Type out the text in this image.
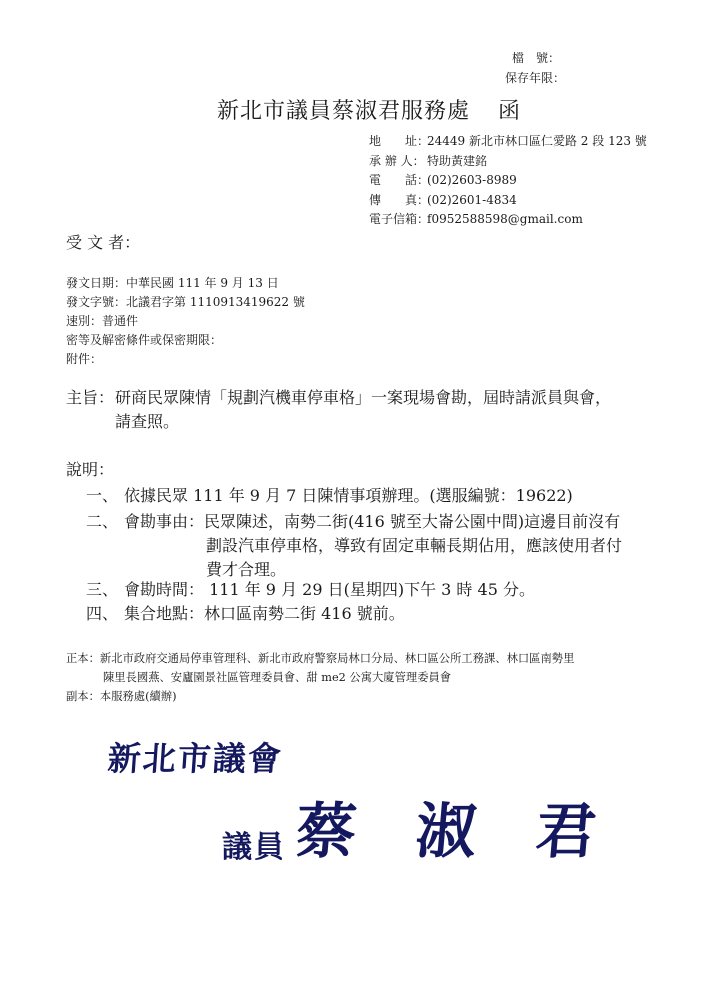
檔　號：
保存年限：
新北市議員蔡淑君服務處 函
地　　址：24449 新北市林口區仁愛路 2 段 123 號
承 辦 人： 特助黃建銘
電　　話：(02)2603-8989
傳　　真：(02)2601-4834
電子信箱：f0952588598@gmail.com
受 文 者：
發文日期：中華民國 111 年 9 月 13 日
發文字號：北議君字第 1110913419622 號
速別：普通件
密等及解密條件或保密期限：
附件：
主旨： 研商民眾陳情「規劃汽機車停車格」一案現場會勘，屆時請派員與會，
請查照。
說明：
一、 依據民眾 111 年 9 月 7 日陳情事項辦理。(選服編號：19622)
二、 會勘事由：民眾陳述，南勢二街(416 號至大崙公園中間)這邊目前沒有
劃設汽車停車格，導致有固定車輛長期佔用，應該使用者付
費才合理。
三、 會勘時間： 111 年 9 月 29 日(星期四)下午 3 時 45 分。
四、 集合地點：林口區南勢二街 416 號前。
正本：新北市政府交通局停車管理科、新北市政府警察局林口分局、林口區公所工務課、林口區南勢里
陳里長國燕、安廬園景社區管理委員會、甜 me2 公寓大廈管理委員會
副本：本服務處(續辦)
新北市議會
議員 蔡　淑　君
